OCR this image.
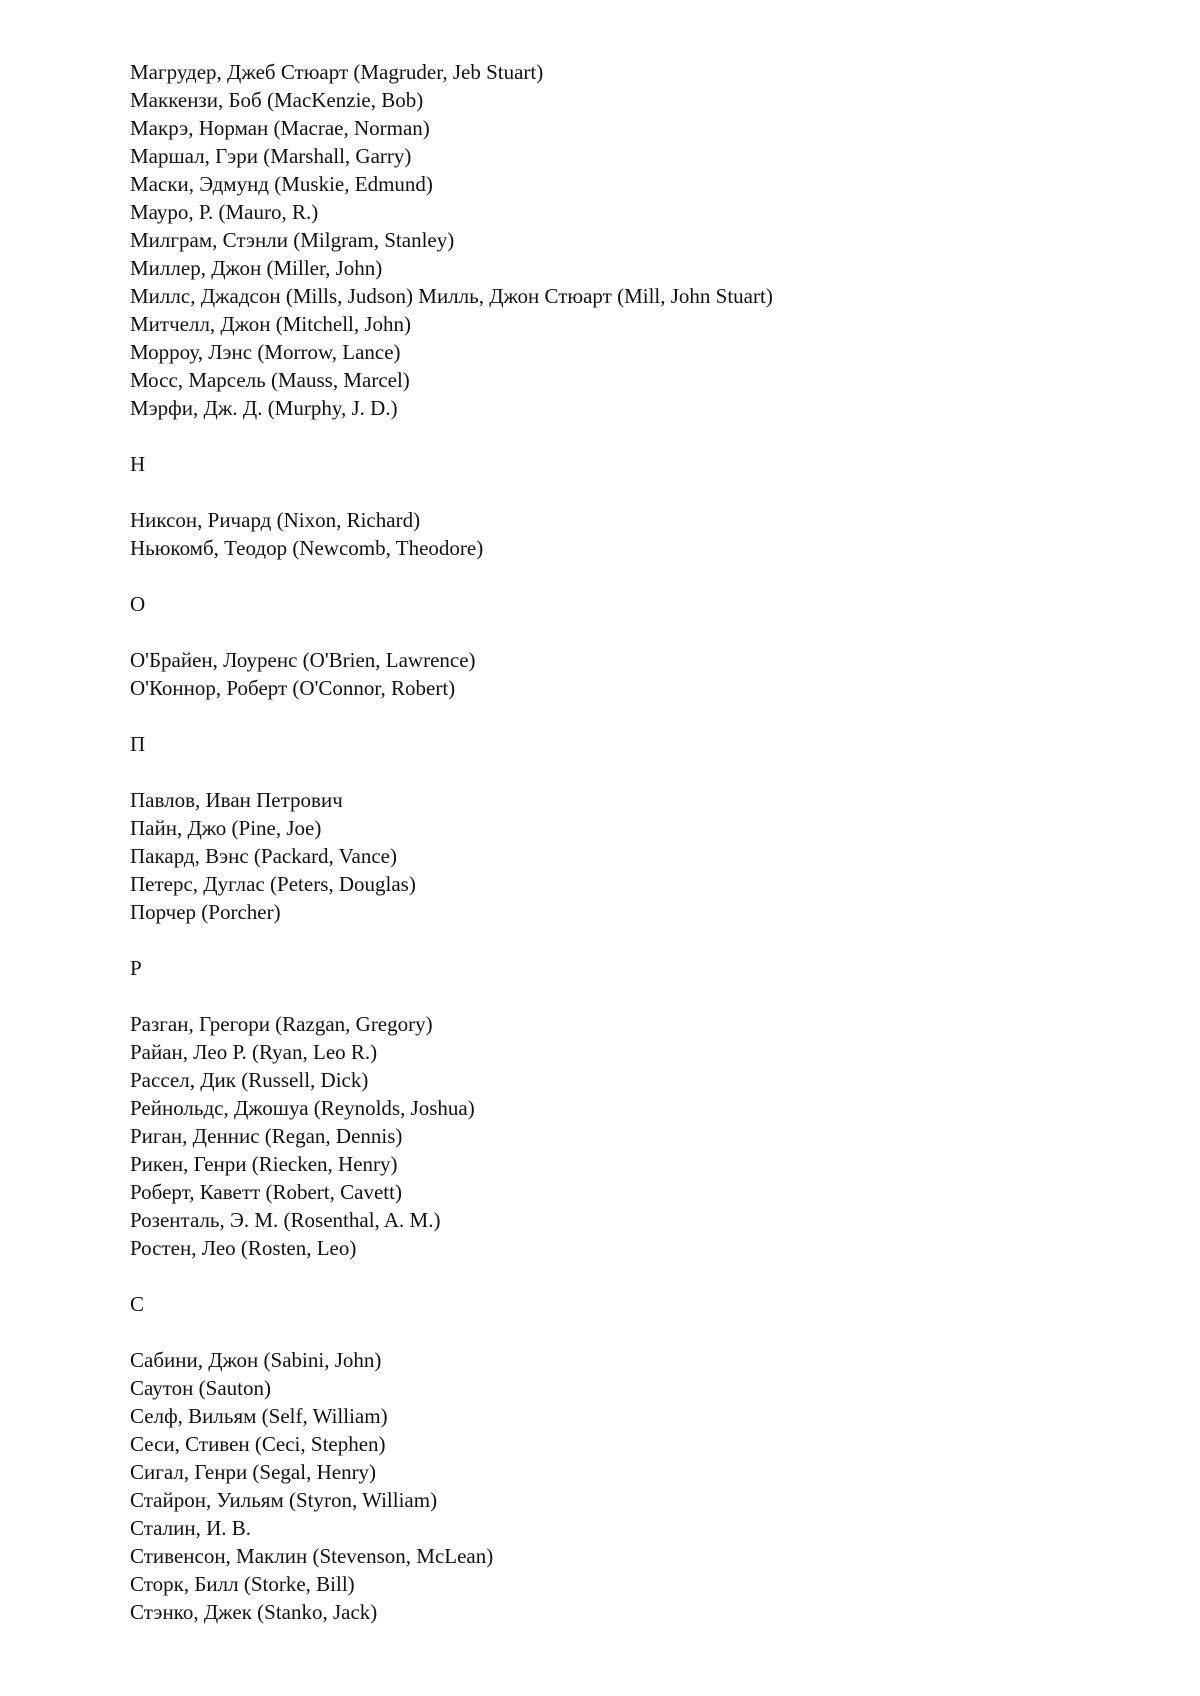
Магрудер, Джеб Стюарт (Magruder, Jeb Stuart)
Маккензи, Боб (MacKenzie, Bob)
Макрэ, Норман (Macrae, Norman)
Маршал, Гэри (Marshall, Garry)
Маски, Эдмунд (Muskie, Edmund)
Мауро, Р. (Mauro, R.)
Милграм, Стэнли (Milgram, Stanley)
Миллер, Джон (Miller, John)
Миллс, Джадсон (Mills, Judson) Милль, Джон Стюарт (Mill, John Stuart)
Митчелл, Джон (Mitchell, John)
Морроу, Лэнс (Morrow, Lance)
Мосс, Марсель (Mauss, Marcel)
Мэрфи, Дж. Д. (Murphy, J. D.)
Н
Никсон, Ричард (Nixon, Richard)
Ньюкомб, Теодор (Newcomb, Theodore)
О
О'Брайен, Лоуренс (O'Brien, Lawrence)
О'Коннор, Роберт (O'Connor, Robert)
П
Павлов, Иван Петрович
Пайн, Джо (Pine, Joe)
Пакард, Вэнс (Packard, Vance)
Петерс, Дуглас (Peters, Douglas)
Порчер (Porcher)
Р
Разган, Грегори (Razgan, Gregory)
Райан, Лео Р. (Ryan, Leo R.)
Рассел, Дик (Russell, Dick)
Рейнольдс, Джошуа (Reynolds, Joshua)
Риган, Деннис (Regan, Dennis)
Рикен, Генри (Riecken, Henry)
Роберт, Каветт (Robert, Cavett)
Розенталь, Э. М. (Rosenthal, A. M.)
Ростен, Лео (Rosten, Leo)
С
Сабини, Джон (Sabini, John)
Саутон (Sauton)
Селф, Вильям (Self, William)
Сеси, Стивен (Ceci, Stephen)
Сигал, Генри (Segal, Henry)
Стайрон, Уильям (Styron, William)
Сталин, И. В.
Стивенсон, Маклин (Stevenson, McLean)
Сторк, Билл (Storke, Bill)
Стэнко, Джек (Stanko, Jack)
